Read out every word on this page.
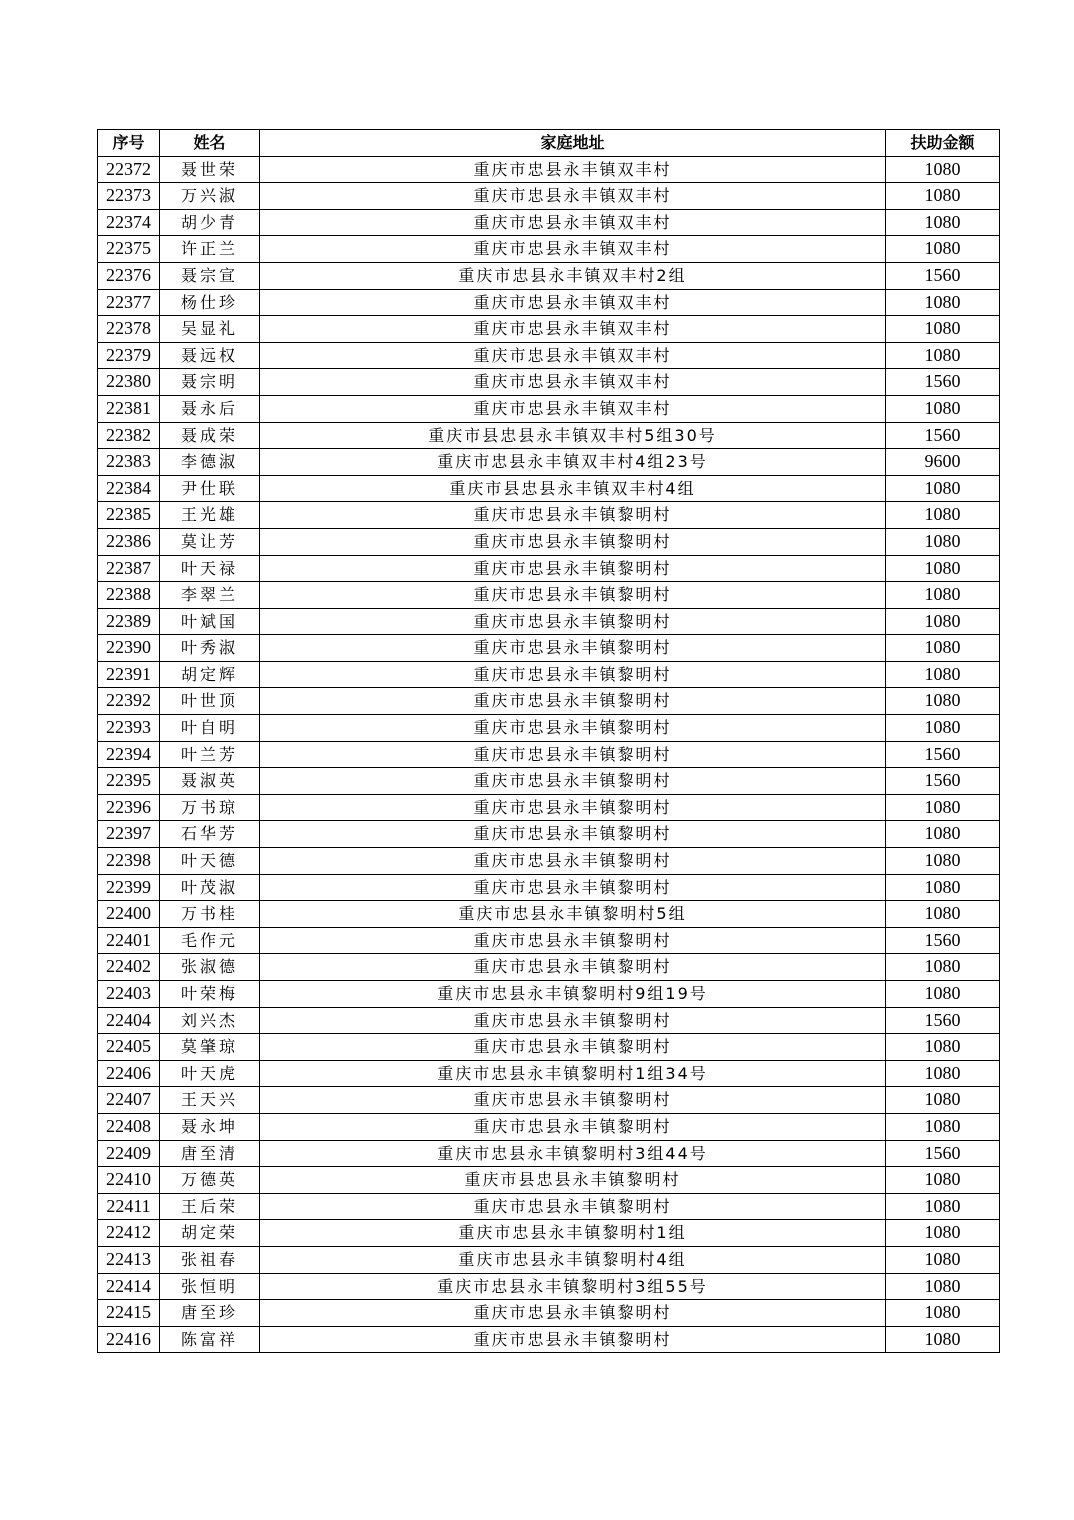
序号	姓名	家庭地址	扶助金额
22372	聂世荣	重庆市忠县永丰镇双丰村	1080
22373	万兴淑	重庆市忠县永丰镇双丰村	1080
22374	胡少青	重庆市忠县永丰镇双丰村	1080
22375	许正兰	重庆市忠县永丰镇双丰村	1080
22376	聂宗宣	重庆市忠县永丰镇双丰村2组	1560
22377	杨仕珍	重庆市忠县永丰镇双丰村	1080
22378	吴显礼	重庆市忠县永丰镇双丰村	1080
22379	聂远权	重庆市忠县永丰镇双丰村	1080
22380	聂宗明	重庆市忠县永丰镇双丰村	1560
22381	聂永后	重庆市忠县永丰镇双丰村	1080
22382	聂成荣	重庆市县忠县永丰镇双丰村5组30号	1560
22383	李德淑	重庆市忠县永丰镇双丰村4组23号	9600
22384	尹仕联	重庆市县忠县永丰镇双丰村4组	1080
22385	王光雄	重庆市忠县永丰镇黎明村	1080
22386	莫让芳	重庆市忠县永丰镇黎明村	1080
22387	叶天禄	重庆市忠县永丰镇黎明村	1080
22388	李翠兰	重庆市忠县永丰镇黎明村	1080
22389	叶斌国	重庆市忠县永丰镇黎明村	1080
22390	叶秀淑	重庆市忠县永丰镇黎明村	1080
22391	胡定辉	重庆市忠县永丰镇黎明村	1080
22392	叶世顶	重庆市忠县永丰镇黎明村	1080
22393	叶自明	重庆市忠县永丰镇黎明村	1080
22394	叶兰芳	重庆市忠县永丰镇黎明村	1560
22395	聂淑英	重庆市忠县永丰镇黎明村	1560
22396	万书琼	重庆市忠县永丰镇黎明村	1080
22397	石华芳	重庆市忠县永丰镇黎明村	1080
22398	叶天德	重庆市忠县永丰镇黎明村	1080
22399	叶茂淑	重庆市忠县永丰镇黎明村	1080
22400	万书桂	重庆市忠县永丰镇黎明村5组	1080
22401	毛作元	重庆市忠县永丰镇黎明村	1560
22402	张淑德	重庆市忠县永丰镇黎明村	1080
22403	叶荣梅	重庆市忠县永丰镇黎明村9组19号	1080
22404	刘兴杰	重庆市忠县永丰镇黎明村	1560
22405	莫肇琼	重庆市忠县永丰镇黎明村	1080
22406	叶天虎	重庆市忠县永丰镇黎明村1组34号	1080
22407	王天兴	重庆市忠县永丰镇黎明村	1080
22408	聂永坤	重庆市忠县永丰镇黎明村	1080
22409	唐至清	重庆市忠县永丰镇黎明村3组44号	1560
22410	万德英	重庆市县忠县永丰镇黎明村	1080
22411	王后荣	重庆市忠县永丰镇黎明村	1080
22412	胡定荣	重庆市忠县永丰镇黎明村1组	1080
22413	张祖春	重庆市忠县永丰镇黎明村4组	1080
22414	张恒明	重庆市忠县永丰镇黎明村3组55号	1080
22415	唐至珍	重庆市忠县永丰镇黎明村	1080
22416	陈富祥	重庆市忠县永丰镇黎明村	1080
